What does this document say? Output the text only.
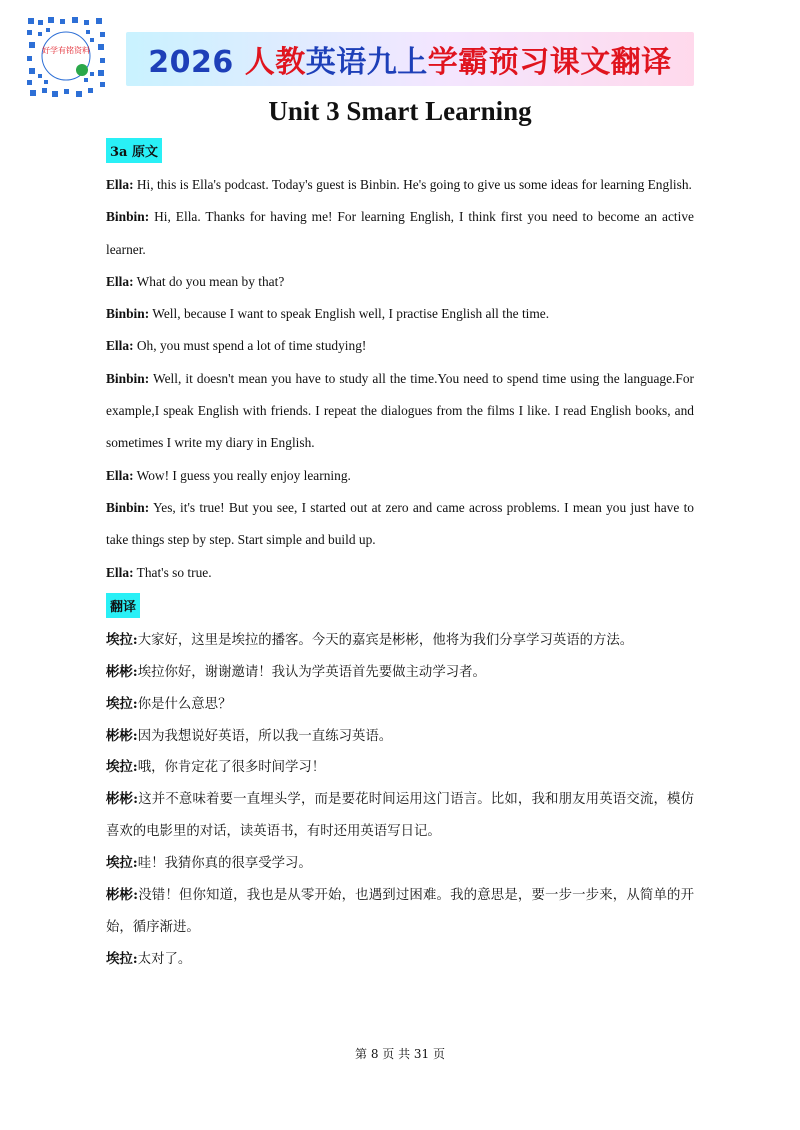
好学有铭资料 2026 人教英语九上学霸预习课文翻译
Unit 3 Smart Learning
3a 原文

Ella: Hi, this is Ella's podcast. Today's guest is Binbin. He's going to give us some ideas for learning English.

Binbin: Hi, Ella. Thanks for having me! For learning English, I think first you need to become an active learner.

Ella: What do you mean by that?

Binbin: Well, because I want to speak English well, I practise English all the time.

Ella: Oh, you must spend a lot of time studying!

Binbin: Well, it doesn't mean you have to study all the time.You need to spend time using the language.For example,I speak English with friends. I repeat the dialogues from the films I like. I read English books, and sometimes I write my diary in English.

Ella: Wow! I guess you really enjoy learning.

Binbin: Yes, it's true! But you see, I started out at zero and came across problems. I mean you just have to take things step by step. Start simple and build up.

Ella: That's so true.

翻译

埃拉:大家好，这里是埃拉的播客。今天的嘉宾是彬彬，他将为我们分享学习英语的方法。

彬彬:埃拉你好，谢谢邀请！我认为学英语首先要做主动学习者。

埃拉:你是什么意思？

彬彬:因为我想说好英语，所以我一直练习英语。

埃拉:哦，你肯定花了很多时间学习！

彬彬:这并不意味着要一直埋头学，而是要花时间运用这门语言。比如，我和朋友用英语交流，模仿喜欢的电影里的对话，读英语书，有时还用英语写日记。

埃拉:哇！我猜你真的很享受学习。

彬彬:没错！但你知道，我也是从零开始，也遇到过困难。我的意思是，要一步一步来，从简单的开始，循序渐进。

埃拉:太对了。

第 8 页 共 31 页
